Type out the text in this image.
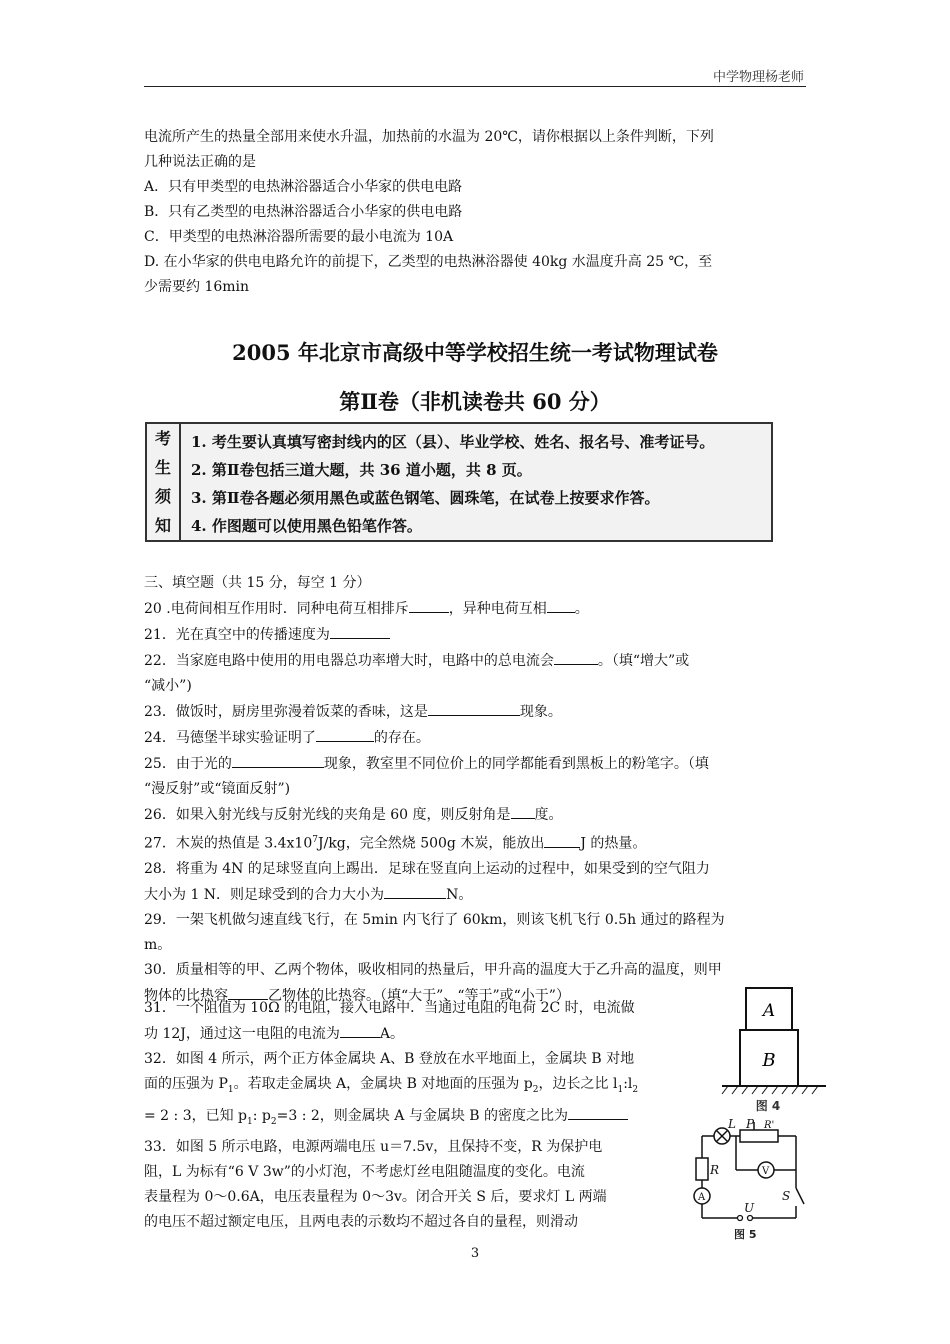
中学物理杨老师

电流所产生的热量全部用来使水升温，加热前的水温为 20℃，请你根据以上条件判断，下列

几种说法正确的是

A．只有甲类型的电热淋浴器适合小华家的供电电路

B．只有乙类型的电热淋浴器适合小华家的供电电路

C．甲类型的电热淋浴器所需要的最小电流为 10A

D. 在小华家的供电电路允许的前提下，乙类型的电热淋浴器使 40kg 水温度升高 25 ℃，至

少需要约 16min

2005 年北京市高级中等学校招生统一考试物理试卷
第Ⅱ卷（非机读卷共 60 分）
考
生
须
知
1. 考生要认真填写密封线内的区（县）、毕业学校、姓名、报名号、准考证号。
2. 第Ⅱ卷包括三道大题，共 36 道小题，共 8 页。
3. 第Ⅱ卷各题必须用黑色或蓝色钢笔、圆珠笔，在试卷上按要求作答。
4. 作图题可以使用黑色铅笔作答。
三、填空题（共 15 分，每空 1 分）
20 .电荷间相互作用时．同种电荷互相排斥	，异种电荷互相 。
21．光在真空中的传播速度为
22．当家庭电路中使用的用电器总功率增大时，电路中的总电流会	。（填“增大”或
“减小”)
23．做饭时，厨房里弥漫着饭菜的香味，这是	现象。
24．马德堡半球实验证明了	的存在。
25．由于光的	现象，教室里不同位价上的同学都能看到黑板上的粉笔字。（填
“漫反射”或“镜面反射”)
26．如果入射光线与反射光线的夹角是 60 度，则反射角是 度。
27．木炭的热值是 $3.4x10^7J/kg$，完全然烧 500g 木炭，能放出	J 的热量。
28．将重为 4N 的足球竖直向上踢出．足球在竖直向上运动的过程中，如果受到的空气阻力
大小为 1 N．则足球受到的合力大小为	N。
29．一架飞机做匀速直线飞行，在 5min 内飞行了 60km，则该飞机飞行 0.5h 通过的路程为
m。
30．质量相等的甲、乙两个物体，吸收相同的热量后，甲升高的温度大于乙升高的温度，则甲
物体的比热容	乙物体的比热容。（填“大于”、“等于”或“小于”）
31．一个阻值为 10Ω 的电阻，接入电路中．当通过电阻的电荷 2C 时，电流做
功 12J，通过这一电阻的电流为	A。
32．如图 4 所示，两个正方体金属块 A、B 登放在水平地面上，金属块 B 对地
面的压强为 $P_1$。若取走金属块 A，金属块 B 对地面的压强为 $p_2$，边长之比 $l_1:l_2$
= 2 : 3，已知 $p_1$: $p_2=3$ : 2，则金属块 A 与金属块 B 的密度之比为
33．如图 5 所示电路，电源两端电压 u＝7.5v，且保持不变，R 为保护电
阻，L 为标有“6 V 3w”的小灯泡，不考虑灯丝电阻随温度的变化。电流
表量程为 0～0.6A，电压表量程为 0～3v。闭合开关 S 后，要求灯 L 两端
的电压不超过额定电压，且两电表的示数均不超过各自的量程，则滑动
A
B
图 4
L P R'
R
A
V
S
U
图 5
3
